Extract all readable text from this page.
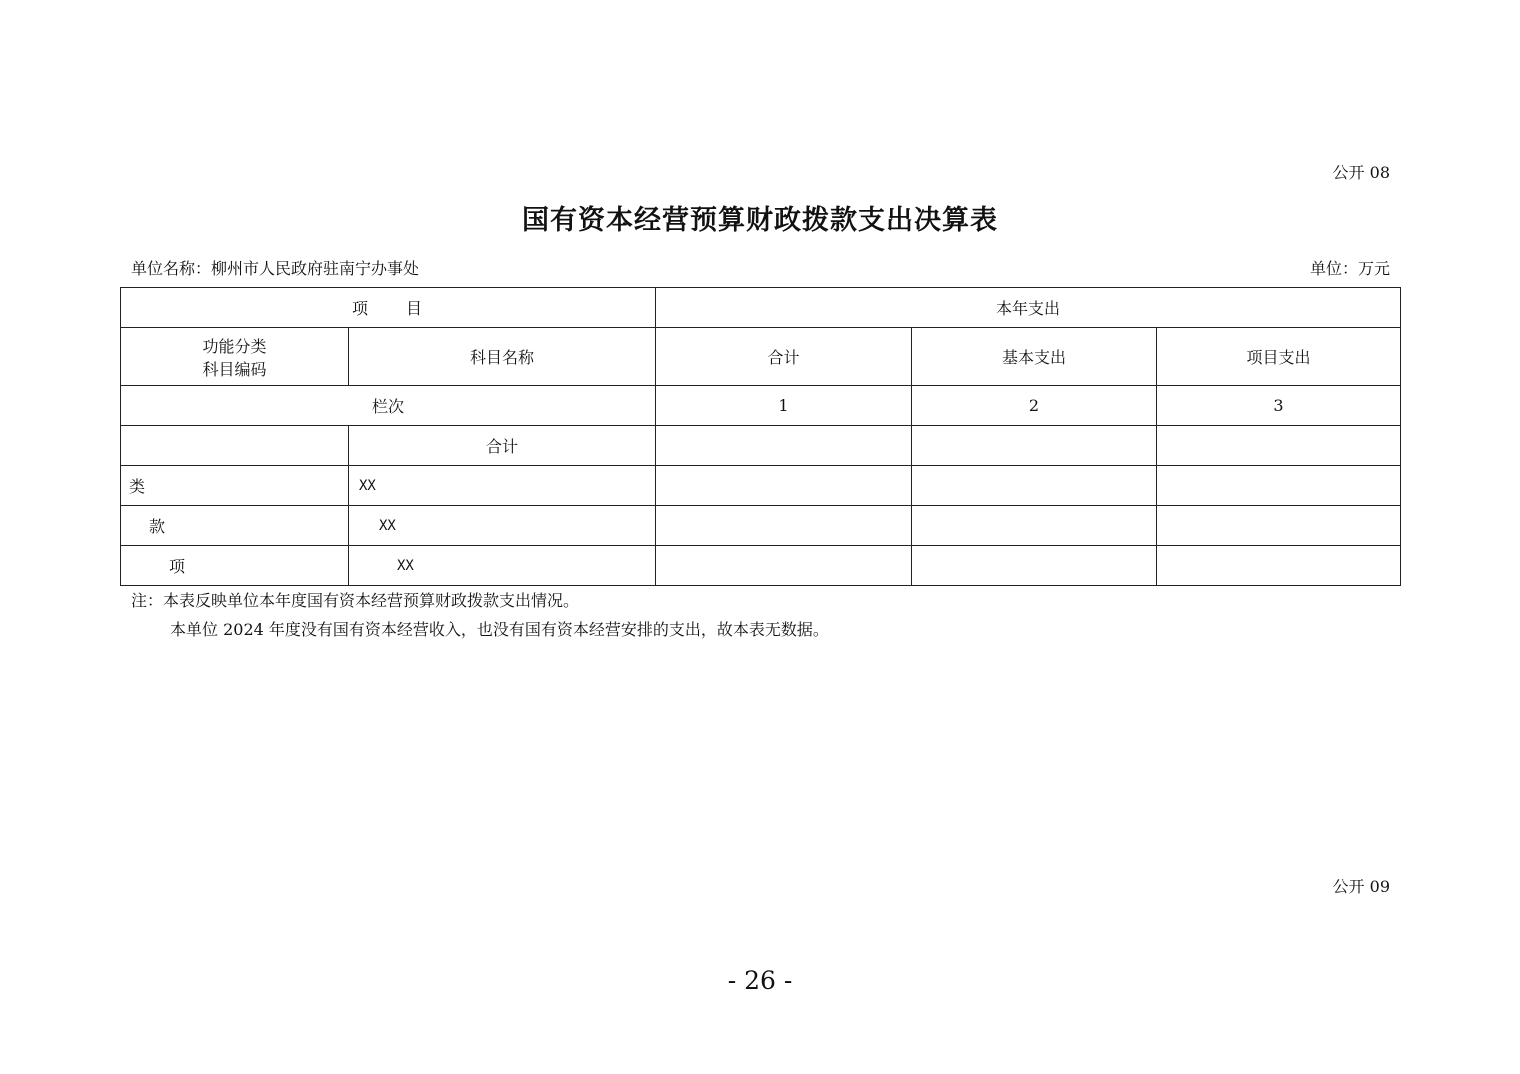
公开 08
国有资本经营预算财政拨款支出决算表
单位名称：柳州市人民政府驻南宁办事处	单位：万元
项　　目		本年支出		

功能分类
科目编码	科目名称	合计	基本支出	项目支出
栏次		1	2	3
	合计			
类	XX			
款	XX			
项	XX			
注：本表反映单位本年度国有资本经营预算财政拨款支出情况。
本单位 2024 年度没有国有资本经营收入，也没有国有资本经营安排的支出，故本表无数据。
公开 09
- 26 -
